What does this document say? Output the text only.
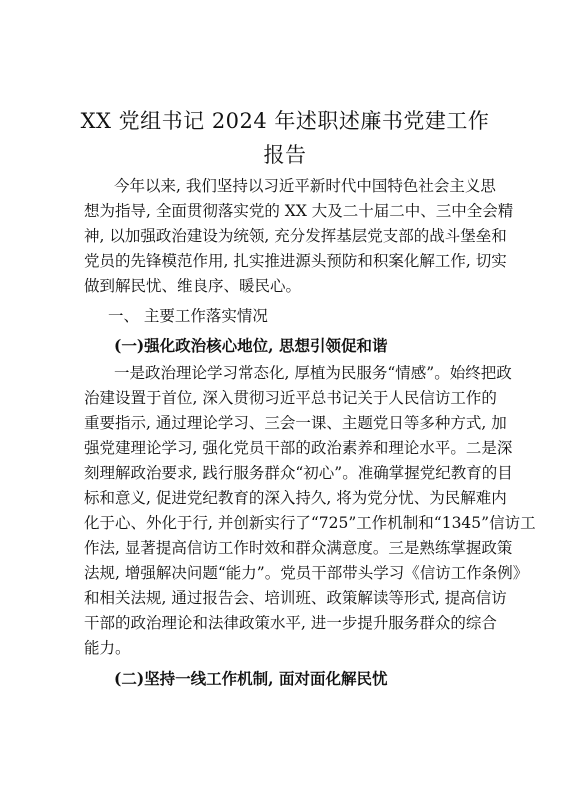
XX 党组书记 2024 年述职述廉书党建工作
报告
今年以来, 我们坚持以习近平新时代中国特色社会主义思
想为指导, 全面贯彻落实党的 XX 大及二十届二中、三中全会精
神, 以加强政治建设为统领, 充分发挥基层党支部的战斗堡垒和
党员的先锋模范作用, 扎实推进源头预防和积案化解工作, 切实
做到解民忧、维良序、暖民心。
一、 主要工作落实情况
(一)强化政治核心地位, 思想引领促和谐
一是政治理论学习常态化, 厚植为民服务“情感”。始终把政
治建设置于首位, 深入贯彻习近平总书记关于人民信访工作的
重要指示, 通过理论学习、三会一课、主题党日等多种方式, 加
强党建理论学习, 强化党员干部的政治素养和理论水平。二是深
刻理解政治要求, 践行服务群众“初心”。准确掌握党纪教育的目
标和意义, 促进党纪教育的深入持久, 将为党分忧、为民解难内
化于心、外化于行, 并创新实行了“725”工作机制和“1345”信访工
作法, 显著提高信访工作时效和群众满意度。三是熟练掌握政策
法规, 增强解决问题“能力”。党员干部带头学习《信访工作条例》
和相关法规, 通过报告会、培训班、政策解读等形式, 提高信访
干部的政治理论和法律政策水平, 进一步提升服务群众的综合
能力。
(二)坚持一线工作机制, 面对面化解民忧
